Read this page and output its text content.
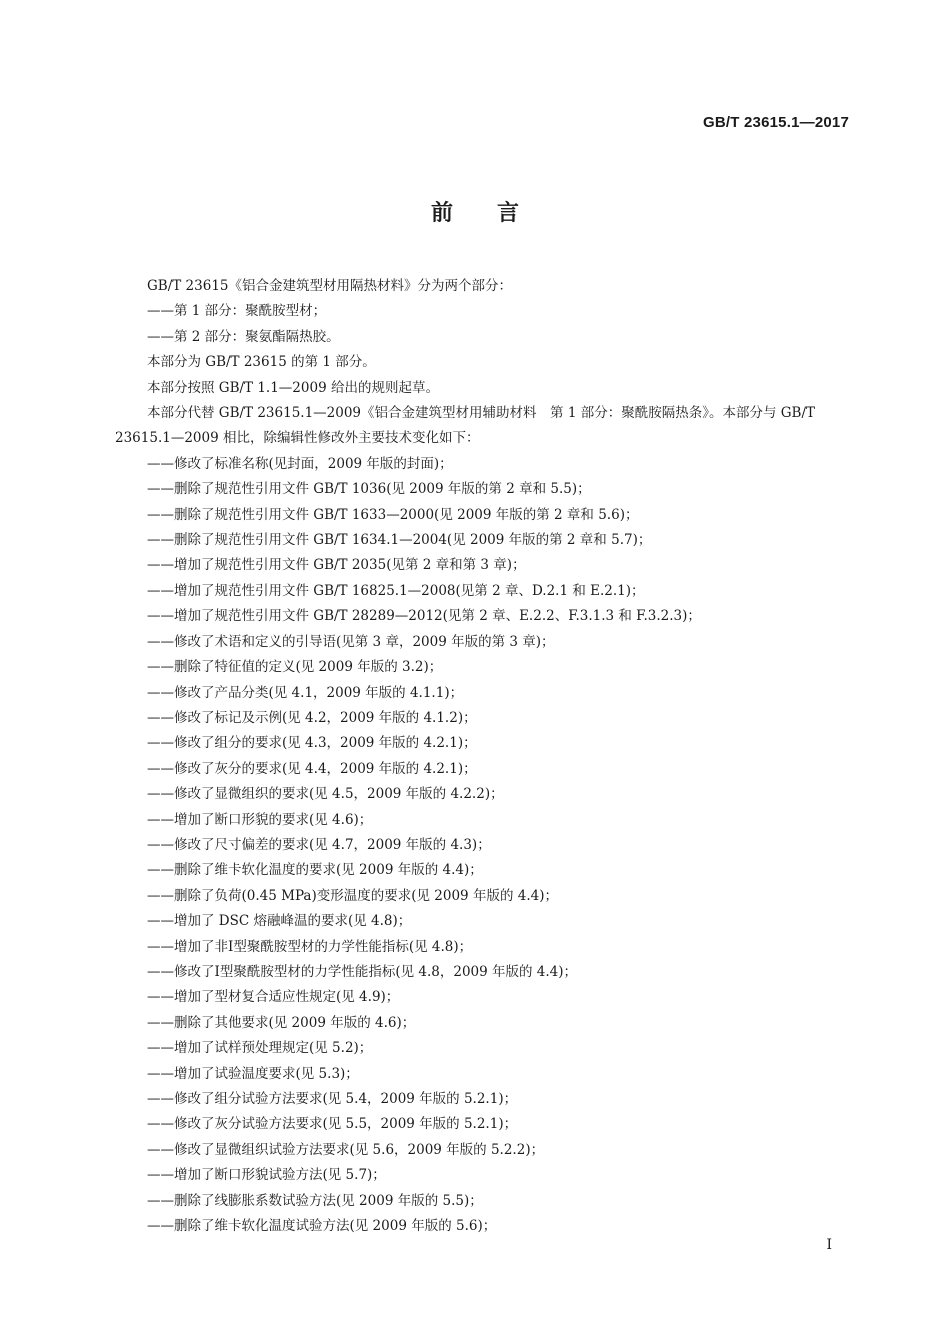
GB/T 23615.1—2017
前言

GB/T 23615《铝合金建筑型材用隔热材料》分为两个部分：

——第 1 部分：聚酰胺型材；

——第 2 部分：聚氨酯隔热胶。

本部分为 GB/T 23615 的第 1 部分。

本部分按照 GB/T 1.1—2009 给出的规则起草。

本部分代替 GB/T 23615.1—2009《铝合金建筑型材用辅助材料　第 1 部分：聚酰胺隔热条》。本部分与 GB/T 23615.1—2009 相比，除编辑性修改外主要技术变化如下：

——修改了标准名称(见封面，2009 年版的封面)；

——删除了规范性引用文件 GB/T 1036(见 2009 年版的第 2 章和 5.5)；

——删除了规范性引用文件 GB/T 1633—2000(见 2009 年版的第 2 章和 5.6)；

——删除了规范性引用文件 GB/T 1634.1—2004(见 2009 年版的第 2 章和 5.7)；

——增加了规范性引用文件 GB/T 2035(见第 2 章和第 3 章)；

——增加了规范性引用文件 GB/T 16825.1—2008(见第 2 章、D.2.1 和 E.2.1)；

——增加了规范性引用文件 GB/T 28289—2012(见第 2 章、E.2.2、F.3.1.3 和 F.3.2.3)；

——修改了术语和定义的引导语(见第 3 章，2009 年版的第 3 章)；

——删除了特征值的定义(见 2009 年版的 3.2)；

——修改了产品分类(见 4.1，2009 年版的 4.1.1)；

——修改了标记及示例(见 4.2，2009 年版的 4.1.2)；

——修改了组分的要求(见 4.3，2009 年版的 4.2.1)；

——修改了灰分的要求(见 4.4，2009 年版的 4.2.1)；

——修改了显微组织的要求(见 4.5，2009 年版的 4.2.2)；

——增加了断口形貌的要求(见 4.6)；

——修改了尺寸偏差的要求(见 4.7，2009 年版的 4.3)；

——删除了维卡软化温度的要求(见 2009 年版的 4.4)；

——删除了负荷(0.45 MPa)变形温度的要求(见 2009 年版的 4.4)；

——增加了 DSC 熔融峰温的要求(见 4.8)；

——增加了非Ⅰ型聚酰胺型材的力学性能指标(见 4.8)；

——修改了Ⅰ型聚酰胺型材的力学性能指标(见 4.8，2009 年版的 4.4)；

——增加了型材复合适应性规定(见 4.9)；

——删除了其他要求(见 2009 年版的 4.6)；

——增加了试样预处理规定(见 5.2)；

——增加了试验温度要求(见 5.3)；

——修改了组分试验方法要求(见 5.4，2009 年版的 5.2.1)；

——修改了灰分试验方法要求(见 5.5，2009 年版的 5.2.1)；

——修改了显微组织试验方法要求(见 5.6，2009 年版的 5.2.2)；

——增加了断口形貌试验方法(见 5.7)；

——删除了线膨胀系数试验方法(见 2009 年版的 5.5)；

——删除了维卡软化温度试验方法(见 2009 年版的 5.6)；

I
